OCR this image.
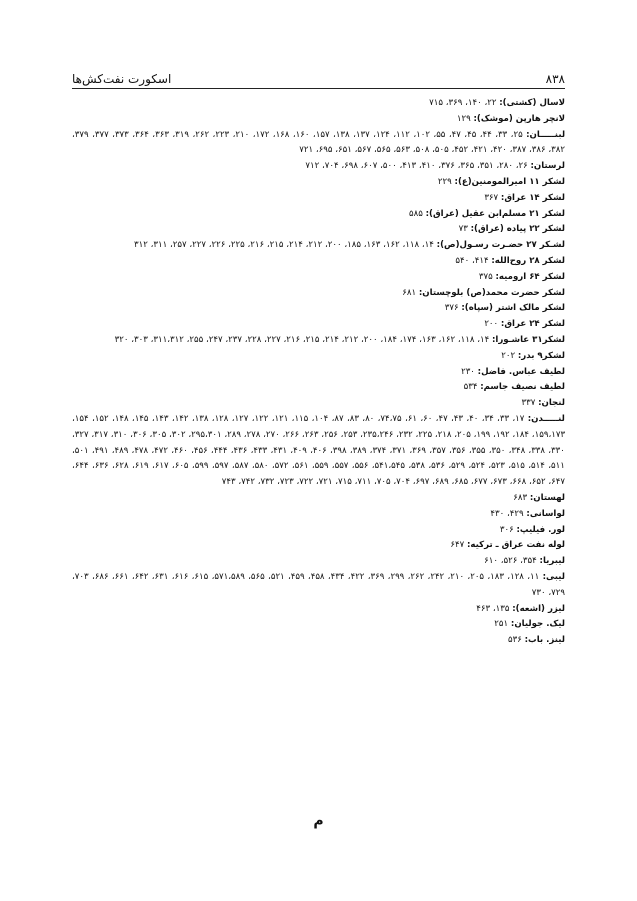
۸۳۸
اسکورت نفت‌کش‌ها
لاسال (کشتی): ۲۲، ۱۴۰، ۳۶۹، ۷۱۵
لانچر هارپن (موشک): ۱۲۹
لبنـــــان: ۲۵، ۳۳، ۴۴، ۴۵، ۴۷، ۵۵، ۱۰۲، ۱۱۲، ۱۲۴، ۱۳۷، ۱۳۸، ۱۵۷، ۱۶۰، ۱۶۸، ۱۷۲، ۲۱۰، ۲۲۳، ۲۶۲، ۳۱۹، ۳۶۳، ۳۶۴، ۳۷۳، ۳۷۷، ۳۷۹، ۳۸۲، ۳۸۶، ۳۸۷، ۴۲۰، ۴۲۱، ۴۵۲، ۵۰۵، ۵۰۸، ۵۶۳، ۵۶۵، ۵۶۷، ۶۵۱، ۶۹۵، ۷۲۱
لرستان: ۲۶، ۲۸۰، ۳۵۱، ۳۶۵، ۳۷۶، ۴۱۰، ۴۱۳، ۵۰۰، ۶۰۷، ۶۹۸، ۷۰۴، ۷۱۲
لشکر ۱۱ امیرالمومنین(ع): ۲۲۹
لشکر ۱۴ عراق: ۳۶۷
لشکر ۲۱ مسلم‌ابن عقیل (عراق): ۵۸۵
لشکر ۲۲ پیاده (عراق): ۷۳
لشـکر ۲۷ حضـرت رسـول(ص): ۱۴، ۱۱۸، ۱۶۲، ۱۶۳، ۱۸۵، ۲۰۰، ۲۱۲، ۲۱۴، ۲۱۵، ۲۱۶، ۲۲۵، ۲۲۶، ۲۲۷، ۲۵۷، ۳۱۱، ۳۱۲
لشکر ۲۸ روح‌الله: ۴۱۴، ۵۴۰
لشکر ۶۴ ارومیه: ۳۷۵
لشکر حضرت محمد(ص) بلوچستان: ۶۸۱
لشکر مالک اشتر (سپاه): ۳۷۶
لشکر ۲۴ عراق: ۲۰۰
لشکر۳۱ عاشـورا: ۱۴، ۱۱۸، ۱۶۲، ۱۶۳، ۱۷۴، ۱۸۴، ۲۰۰، ۲۱۲، ۲۱۴، ۲۱۵، ۲۱۶، ۲۲۷، ۲۲۸، ۲۳۷، ۲۴۷، ۲۵۵، ۳۱۱،۳۱۲، ۳۰۳، ۳۲۰
لشکر۹ بدر: ۲۰۲
لطیف عباس. فاضل: ۲۳۰
لطیف نصیف جاسم: ۵۳۴
لنجان: ۳۳۷
لنـــــدن: ۱۷، ۳۳، ۳۴، ۴۰، ۴۳، ۴۷، ۶۰، ۶۱، ۷۴،۷۵، ۸۰، ۸۳، ۸۷، ۱۰۴، ۱۱۵، ۱۲۱، ۱۲۲، ۱۲۷، ۱۲۸، ۱۳۸، ۱۴۲، ۱۴۳، ۱۴۵، ۱۴۸، ۱۵۲، ۱۵۴، ۱۵۹،۱۷۳، ۱۸۴، ۱۹۲، ۱۹۹، ۲۰۵، ۲۱۸، ۲۲۵، ۲۳۲، ۲۳۵،۲۴۶، ۲۵۳، ۲۵۶، ۲۶۳، ۲۶۶، ۲۷۰، ۲۷۸، ۲۸۹، ۲۹۵،۳۰۱، ۳۰۲، ۳۰۵، ۳۰۶، ۳۱۰، ۳۱۷، ۳۲۷، ۳۳۰، ۳۳۸، ۳۴۸، ۳۵۰، ۳۵۵، ۳۵۶، ۳۵۷، ۳۶۹، ۳۷۱، ۳۷۴، ۳۸۹، ۳۹۸، ۴۰۶، ۴۰۹، ۴۳۱، ۴۳۳، ۴۳۶، ۴۴۴، ۴۵۶، ۴۶۰، ۴۷۲، ۴۷۸، ۴۸۹، ۴۹۱، ۵۰۱، ۵۱۱، ۵۱۴، ۵۱۵، ۵۲۳، ۵۲۴، ۵۲۹، ۵۳۶، ۵۳۸، ۵۴۱،۵۴۵، ۵۵۶، ۵۵۷، ۵۵۹، ۵۶۱، ۵۷۲، ۵۸۰، ۵۸۷، ۵۹۷، ۵۹۹، ۶۰۵، ۶۱۷، ۶۱۹، ۶۲۸، ۶۳۶، ۶۴۴، ۶۴۷، ۶۵۲، ۶۶۸، ۶۷۳، ۶۷۷، ۶۸۵، ۶۸۹، ۶۹۷، ۷۰۴، ۷۰۵، ۷۱۱، ۷۱۵، ۷۲۱، ۷۲۲، ۷۲۳، ۷۳۲، ۷۴۲، ۷۴۳
لهستان: ۶۸۳
لواسانی: ۴۲۹، ۴۳۰
لور. فیلیپ: ۳۰۶
لوله نفت عراق ـ ترکیه: ۶۴۷
لیبریا: ۳۵۴، ۵۲۶، ۶۱۰
لیبی: ۱۱، ۱۲۸، ۱۸۳، ۲۰۵، ۲۱۰، ۲۴۲، ۲۶۲، ۲۹۹، ۳۶۹، ۴۲۲، ۴۳۴، ۴۵۸، ۴۵۹، ۵۲۱، ۵۶۵، ۵۷۱،۵۸۹، ۶۱۵، ۶۱۶، ۶۳۱، ۶۴۲، ۶۶۱، ۶۸۶، ۷۰۳، ۷۲۹، ۷۳۰
لیزر (اشعه): ۱۳۵، ۴۶۳
لیک. جولیان: ۲۵۱
لینز. باب: ۵۳۶
م
